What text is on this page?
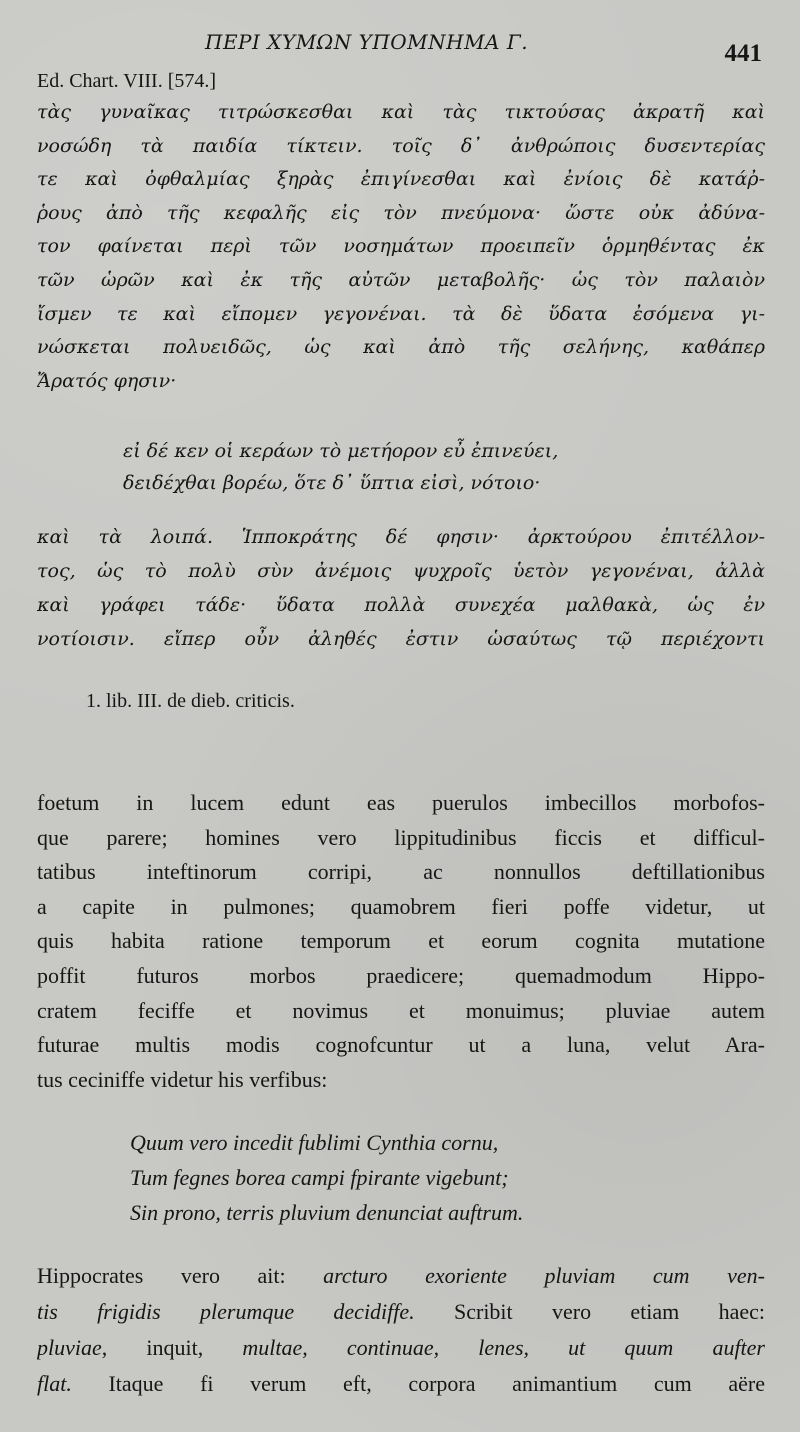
ΠΕΡΙ ΧΥΜΩΝ ΥΠΟΜΝΗΜΑ Γ.	441
Ed. Chart. VIII. [574.]
τὰς γυναῖκας τιτρώσκεσθαι καὶ τὰς τικτούσας ἀκρατῆ καὶ
νοσώδη τὰ παιδία τίκτειν. τοῖς δ᾽ ἀνθρώποις δυσεντερίας
τε καὶ ὀφθαλμίας ξηρὰς ἐπιγίνεσθαι καὶ ἐνίοις δὲ κατάῤ-
ῥους ἀπὸ τῆς κεφαλῆς εἰς τὸν πνεύμονα· ὥστε οὐκ ἀδύνα-
τον φαίνεται περὶ τῶν νοσημάτων προειπεῖν ὁρμηθέντας ἐκ
τῶν ὡρῶν καὶ ἐκ τῆς αὐτῶν μεταβολῆς· ὡς τὸν παλαιὸν
ἴσμεν τε καὶ εἴπομεν γεγονέναι. τὰ δὲ ὕδατα ἐσόμενα γι-
νώσκεται πολυειδῶς, ὡς καὶ ἀπὸ τῆς σελήνης, καθάπερ
Ἄρατός φησιν·
εἰ δέ κεν οἱ κεράων τὸ μετήορον εὖ ἐπινεύει,
δειδέχθαι βορέω, ὅτε δ᾽ ὕπτια εἰσὶ, νότοιο·
καὶ τὰ λοιπά. Ἱπποκράτης δέ φησιν· ἀρκτούρου ἐπιτέλλον-
τος, ὡς τὸ πολὺ σὺν ἀνέμοις ψυχροῖς ὑετὸν γεγονέναι, ἀλλὰ
καὶ γράφει τάδε· ὕδατα πολλὰ συνεχέα μαλθακὰ, ὡς ἐν
νοτίοισιν. εἴπερ οὖν ἀληθές ἐστιν ὡσαύτως τῷ περιέχοντι
1. lib. III. de dieb. criticis.
foetum in lucem edunt eas puerulos imbecillos morbofos-
que parere; homines vero lippitudinibus ficcis et difficul-
tatibus inteftinorum corripi, ac nonnullos deftillationibus
a capite in pulmones; quamobrem fieri poffe videtur, ut
quis habita ratione temporum et eorum cognita mutatione
poffit futuros morbos praedicere; quemadmodum Hippo-
cratem feciffe et novimus et monuimus; pluviae autem
futurae multis modis cognofcuntur ut a luna, velut Ara-
tus ceciniffe videtur his verfibus:
Quum vero incedit fublimi Cynthia cornu,
Tum fegnes borea campi fpirante vigebunt;
Sin prono, terris pluvium denunciat auftrum.
Hippocrates vero ait: arcturo exoriente pluviam cum ven-
tis frigidis plerumque decidiffe. Scribit vero etiam haec:
pluviae, inquit, multae, continuae, lenes, ut quum aufter
flat. Itaque fi verum eft, corpora animantium cum aëre
